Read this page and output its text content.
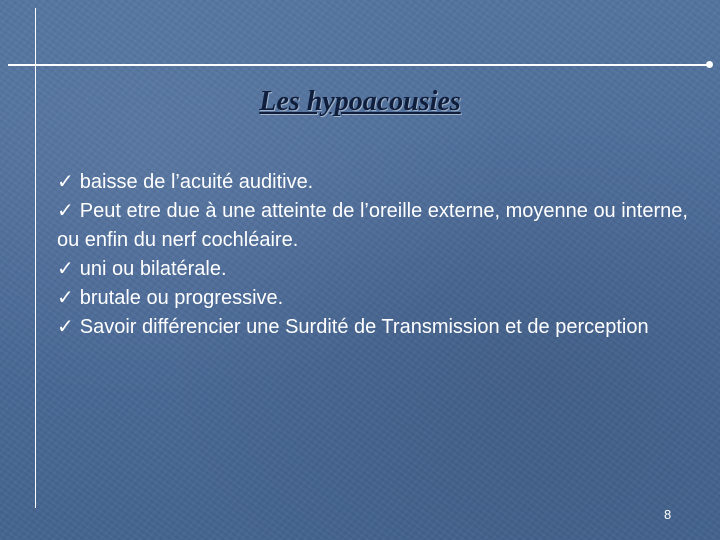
Les hypoacousies
✓ baisse de l’acuité auditive.
✓ Peut etre due à une atteinte de l’oreille externe, moyenne ou interne, ou enfin du nerf cochléaire.
✓ uni ou bilatérale.
✓ brutale ou progressive.
✓ Savoir différencier une Surdité de Transmission et de perception
8
